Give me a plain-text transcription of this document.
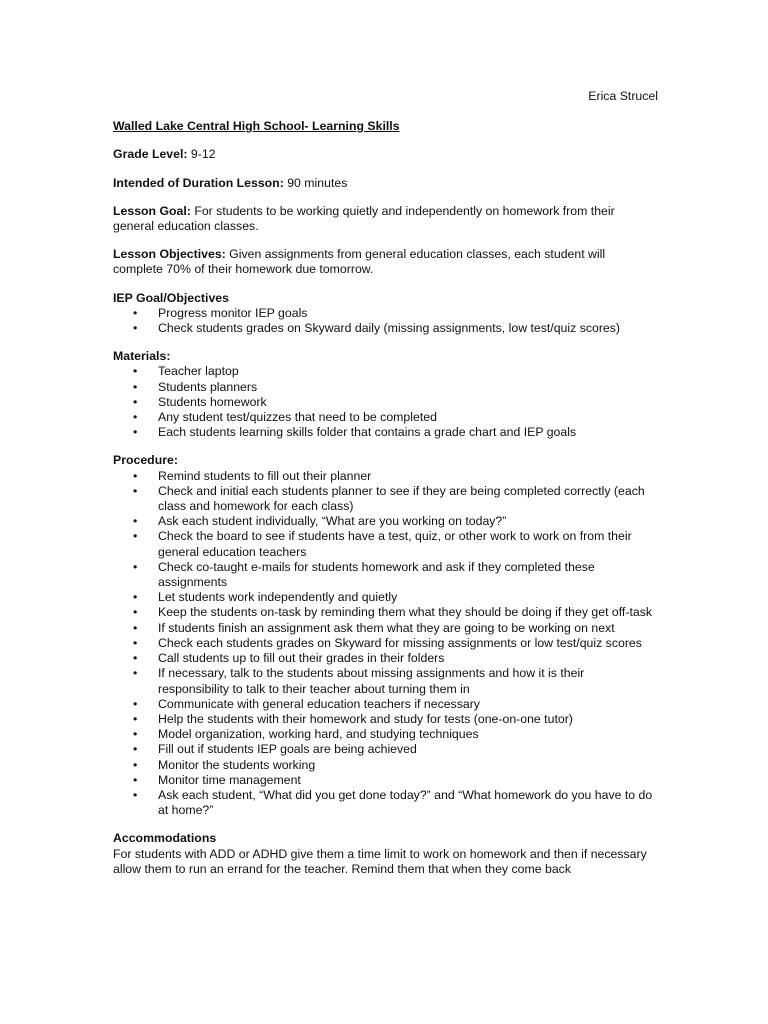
Erica Strucel

Walled Lake Central High School- Learning Skills

Grade Level: 9-12

Intended of Duration Lesson: 90 minutes

Lesson Goal: For students to be working quietly and independently on homework from their general education classes.

Lesson Objectives: Given assignments from general education classes, each student will complete 70% of their homework due tomorrow.

IEP Goal/Objectives

• Progress monitor IEP goals
• Check students grades on Skyward daily (missing assignments, low test/quiz scores)

Materials:

• Teacher laptop
• Students planners
• Students homework
• Any student test/quizzes that need to be completed
• Each students learning skills folder that contains a grade chart and IEP goals

Procedure:

• Remind students to fill out their planner
• Check and initial each students planner to see if they are being completed correctly (each class and homework for each class)
• Ask each student individually, “What are you working on today?”
• Check the board to see if students have a test, quiz, or other work to work on from their general education teachers
• Check co-taught e-mails for students homework and ask if they completed these assignments
• Let students work independently and quietly
• Keep the students on-task by reminding them what they should be doing if they get off-task
• If students finish an assignment ask them what they are going to be working on next
• Check each students grades on Skyward for missing assignments or low test/quiz scores
• Call students up to fill out their grades in their folders
• If necessary, talk to the students about missing assignments and how it is their responsibility to talk to their teacher about turning them in
• Communicate with general education teachers if necessary
• Help the students with their homework and study for tests (one-on-one tutor)
• Model organization, working hard, and studying techniques
• Fill out if students IEP goals are being achieved
• Monitor the students working
• Monitor time management
• Ask each student, “What did you get done today?” and “What homework do you have to do at home?”

Accommodations

For students with ADD or ADHD give them a time limit to work on homework and then if necessary allow them to run an errand for the teacher. Remind them that when they come back
